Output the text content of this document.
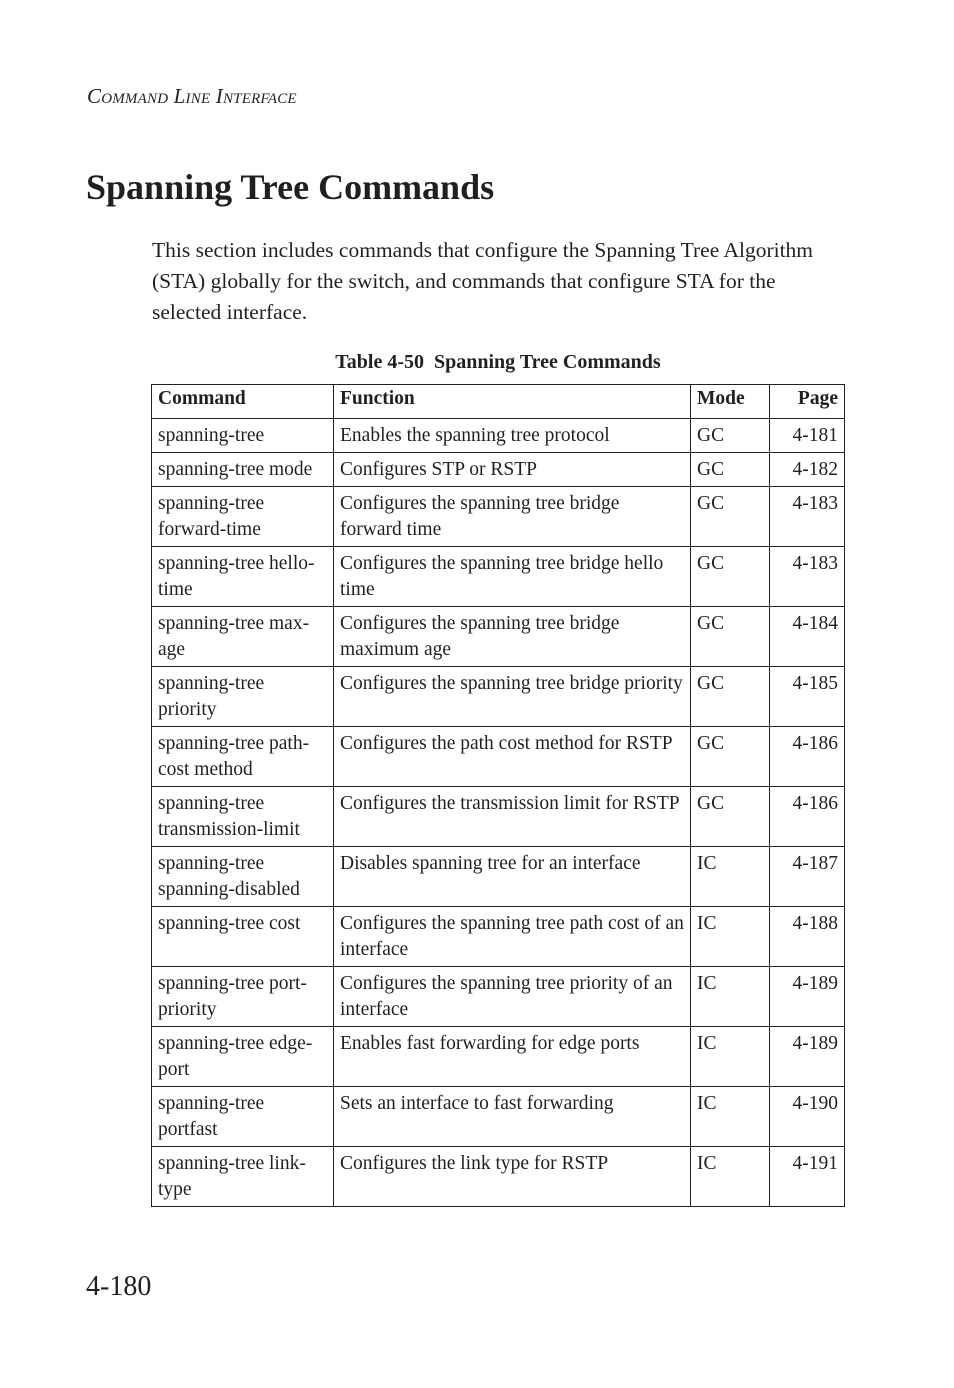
Command Line Interface
Spanning Tree Commands

This section includes commands that configure the Spanning Tree Algorithm (STA) globally for the switch, and commands that configure STA for the selected interface.

Table 4-50  Spanning Tree Commands
Command	Function	Mode	Page
spanning-tree	Enables the spanning tree protocol	GC	4-181
spanning-tree mode	Configures STP or RSTP	GC	4-182
spanning-tree forward-time	Configures the spanning tree bridge forward time	GC	4-183
spanning-tree hello-time	Configures the spanning tree bridge hello time	GC	4-183
spanning-tree max-age	Configures the spanning tree bridge maximum age	GC	4-184
spanning-tree priority	Configures the spanning tree bridge priority	GC	4-185
spanning-tree path-cost method	Configures the path cost method for RSTP	GC	4-186
spanning-tree transmission-limit	Configures the transmission limit for RSTP	GC	4-186
spanning-tree spanning-disabled	Disables spanning tree for an interface	IC	4-187
spanning-tree cost	Configures the spanning tree path cost of an interface	IC	4-188
spanning-tree port-priority	Configures the spanning tree priority of an interface	IC	4-189
spanning-tree edge-port	Enables fast forwarding for edge ports	IC	4-189
spanning-tree portfast	Sets an interface to fast forwarding	IC	4-190
spanning-tree link-type	Configures the link type for RSTP	IC	4-191
4-180
